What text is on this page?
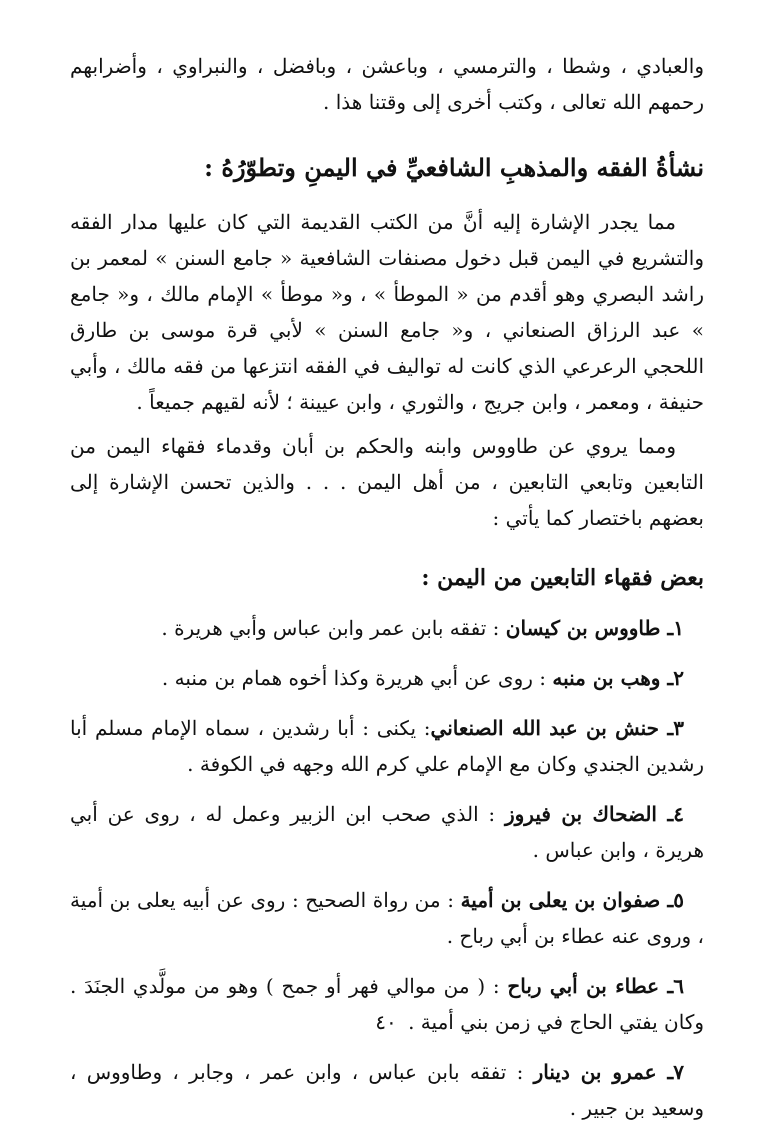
والعبادي ، وشطا ، والترمسي ، وباعشن ، وبافضل ، والنبراوي ، وأضرابهم رحمهم الله تعالى ، وكتب أخرى إلى وقتنا هذا .

نشأةُ الفقه والمذهبِ الشافعيِّ في اليمنِ وتطوّرُهُ :

مما يجدر الإشارة إليه أنَّ من الكتب القديمة التي كان عليها مدار الفقه والتشريع في اليمن قبل دخول مصنفات الشافعية « جامع السنن » لمعمر بن راشد البصري وهو أقدم من « الموطأ » ، و« موطأ » الإمام مالك ، و« جامع » عبد الرزاق الصنعاني ، و« جامع السنن » لأبي قرة موسى بن طارق اللحجي الرعرعي الذي كانت له تواليف في الفقه انتزعها من فقه مالك ، وأبي حنيفة ، ومعمر ، وابن جريج ، والثوري ، وابن عيينة ؛ لأنه لقيهم جميعاً .

ومما يروي عن طاووس وابنه والحكم بن أبان وقدماء فقهاء اليمن من التابعين وتابعي التابعين ، من أهل اليمن . . . والذين تحسن الإشارة إلى بعضهم باختصار كما يأتي :

بعض فقهاء التابعين من اليمن :
١ـ طاووس بن كيسان : تفقه بابن عمر وابن عباس وأبي هريرة .
٢ـ وهب بن منبه : روى عن أبي هريرة وكذا أخوه همام بن منبه .
٣ـ حنش بن عبد الله الصنعاني: يكنى : أبا رشدين ، سماه الإمام مسلم أبا رشدين الجندي وكان مع الإمام علي كرم الله وجهه في الكوفة .
٤ـ الضحاك بن فيروز : الذي صحب ابن الزبير وعمل له ، روى عن أبي هريرة ، وابن عباس .
٥ـ صفوان بن يعلى بن أمية : من رواة الصحيح : روى عن أبيه يعلى بن أمية ، وروى عنه عطاء بن أبي رباح .
٦ـ عطاء بن أبي رباح : ( من موالي فهر أو جمح ) وهو من مولَّدي الجنَدَ . وكان يفتي الحاج في زمن بني أمية .
٧ـ عمرو بن دينار : تفقه بابن عباس ، وابن عمر ، وجابر ، وطاووس ، وسعيد بن جبير .
٤٠
